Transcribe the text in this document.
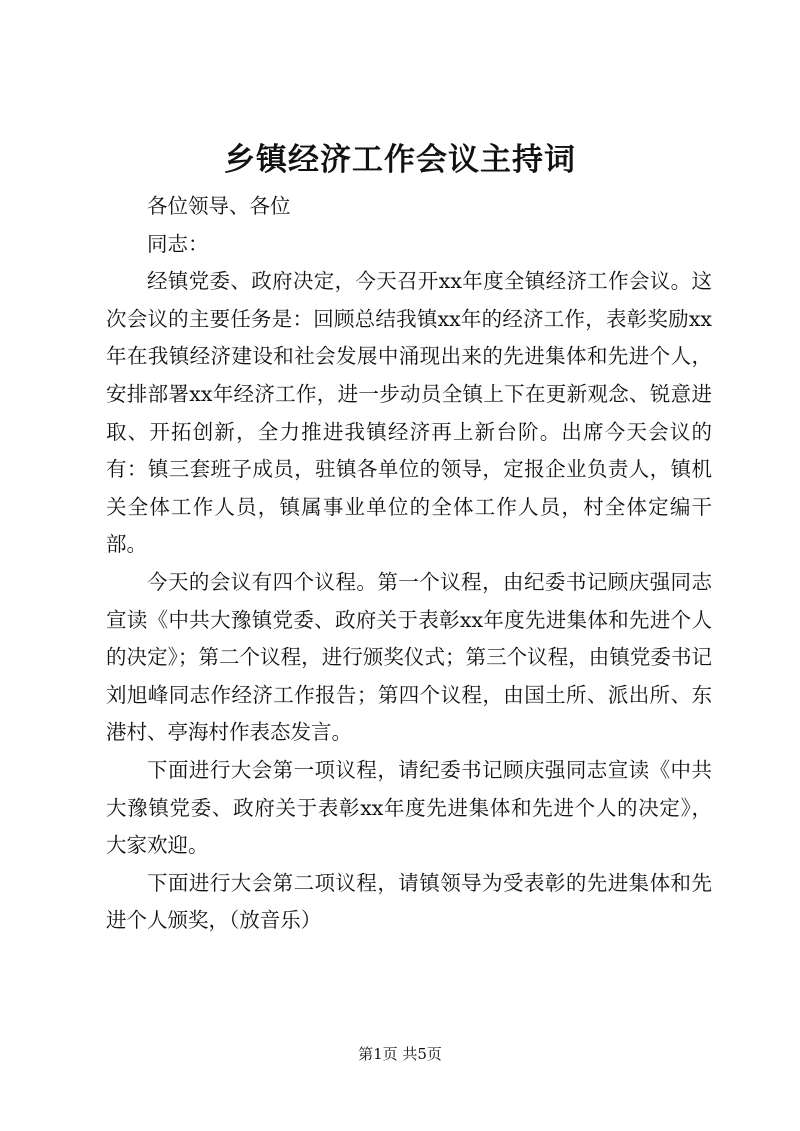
乡镇经济工作会议主持词

各位领导、各位

同志：

经镇党委、政府决定，今天召开xx年度全镇经济工作会议。这次会议的主要任务是：回顾总结我镇xx年的经济工作，表彰奖励xx年在我镇经济建设和社会发展中涌现出来的先进集体和先进个人，安排部署xx年经济工作，进一步动员全镇上下在更新观念、锐意进取、开拓创新，全力推进我镇经济再上新台阶。出席今天会议的有：镇三套班子成员，驻镇各单位的领导，定报企业负责人，镇机关全体工作人员，镇属事业单位的全体工作人员，村全体定编干部。

今天的会议有四个议程。第一个议程，由纪委书记顾庆强同志宣读《中共大豫镇党委、政府关于表彰xx年度先进集体和先进个人的决定》；第二个议程，进行颁奖仪式；第三个议程，由镇党委书记刘旭峰同志作经济工作报告；第四个议程，由国土所、派出所、东港村、亭海村作表态发言。

下面进行大会第一项议程，请纪委书记顾庆强同志宣读《中共大豫镇党委、政府关于表彰xx年度先进集体和先进个人的决定》，大家欢迎。

下面进行大会第二项议程，请镇领导为受表彰的先进集体和先进个人颁奖，（放音乐）

第1页 共5页
